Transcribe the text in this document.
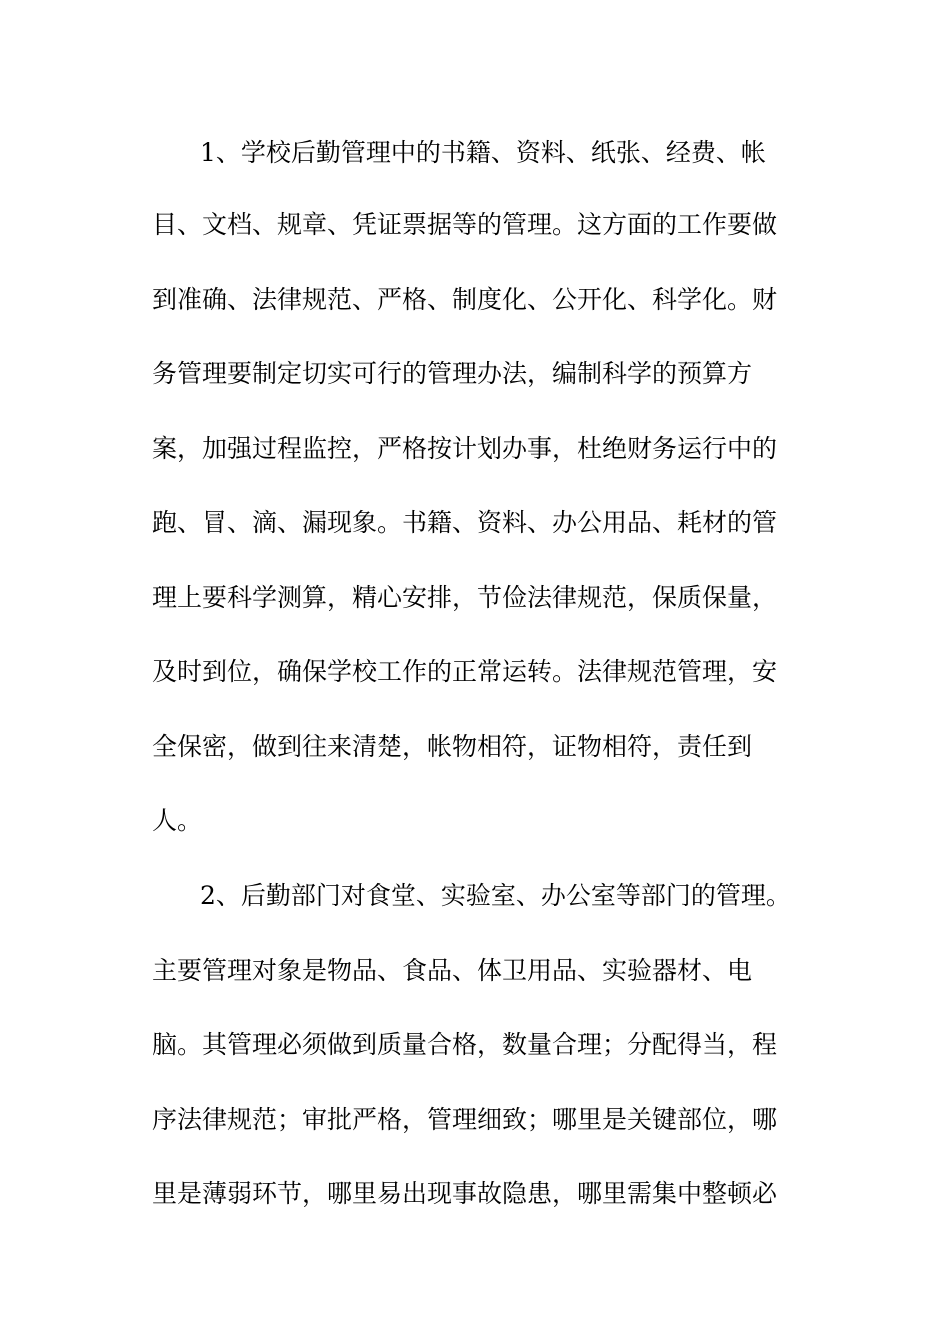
1、学校后勤管理中的书籍、资料、纸张、经费、帐
目、文档、规章、凭证票据等的管理。这方面的工作要做
到准确、法律规范、严格、制度化、公开化、科学化。财
务管理要制定切实可行的管理办法，编制科学的预算方
案，加强过程监控，严格按计划办事，杜绝财务运行中的
跑、冒、滴、漏现象。书籍、资料、办公用品、耗材的管
理上要科学测算，精心安排，节俭法律规范，保质保量，
及时到位，确保学校工作的正常运转。法律规范管理，安
全保密，做到往来清楚，帐物相符，证物相符，责任到
人。
2、后勤部门对食堂、实验室、办公室等部门的管理。
主要管理对象是物品、食品、体卫用品、实验器材、电
脑。其管理必须做到质量合格，数量合理；分配得当，程
序法律规范；审批严格，管理细致；哪里是关键部位，哪
里是薄弱环节，哪里易出现事故隐患，哪里需集中整顿必
